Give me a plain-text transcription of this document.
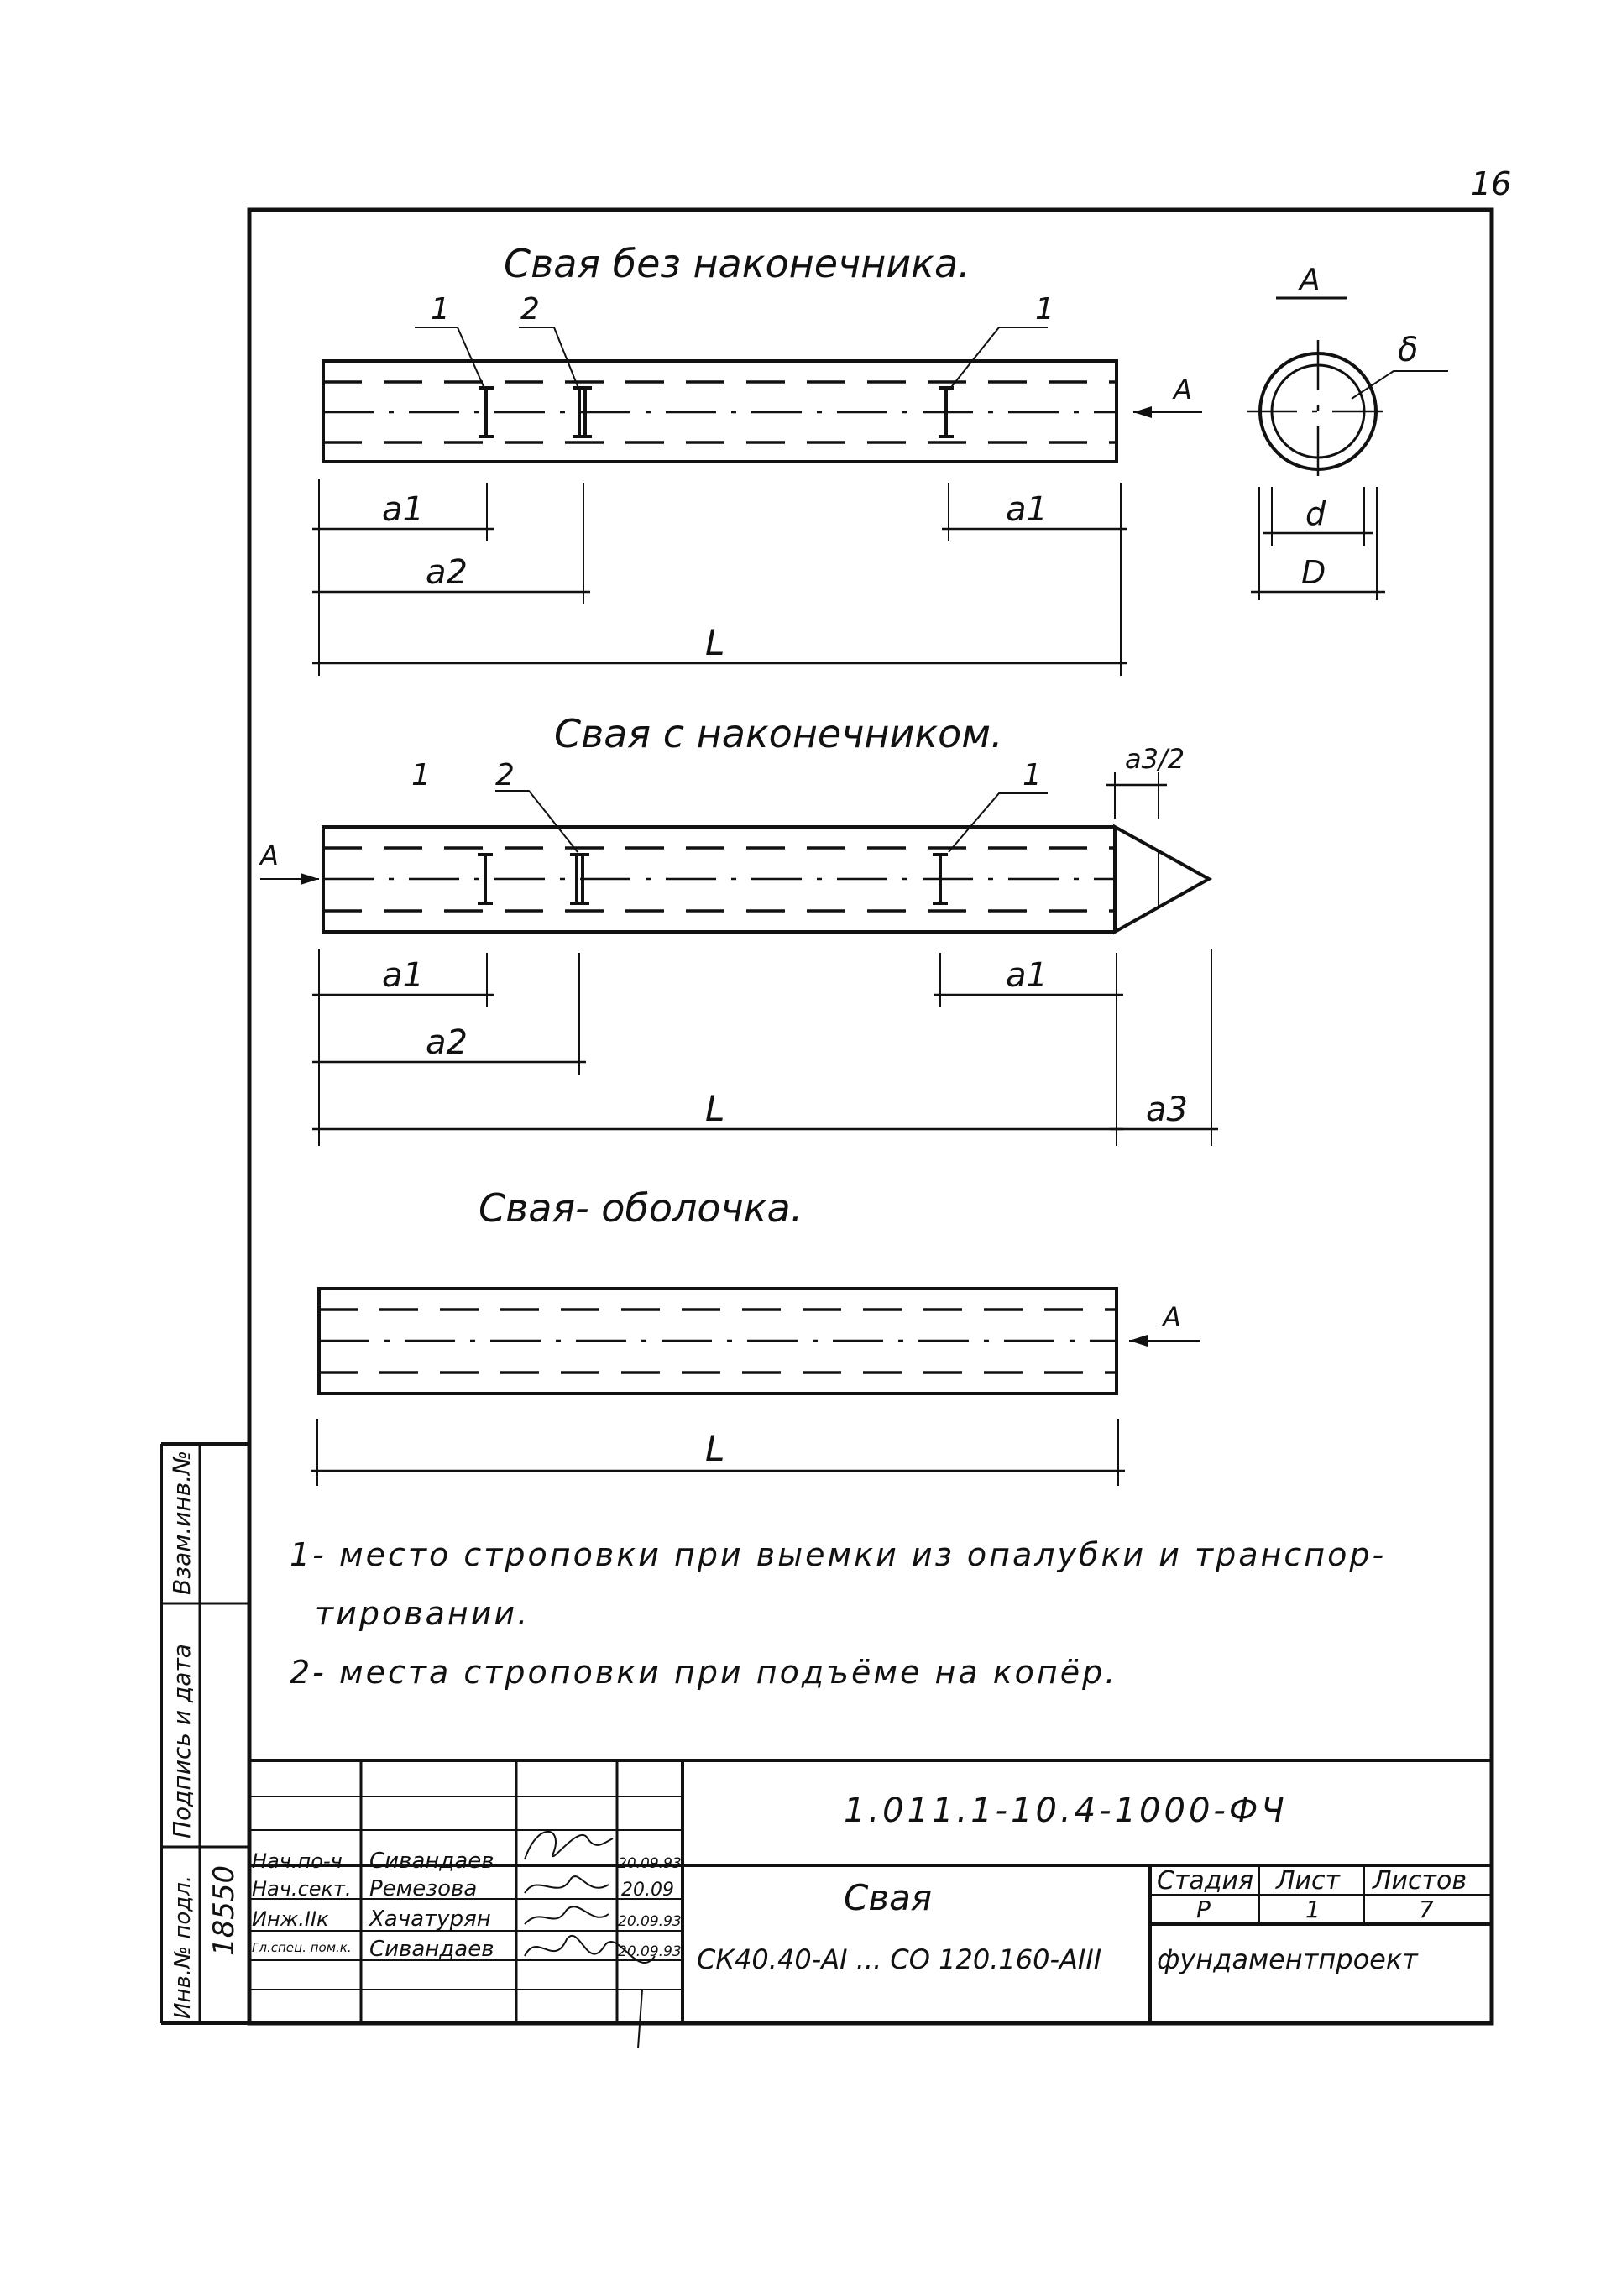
16
Свая без наконечника.
1 2	1
A
a1	a1
a2
L
A
δ
d
D
Свая с наконечником.
1 2	1
A
a3/2
a1	a1
a2
L	a3
Свая- оболочка.
A
L
1- место строповки при выемки из опалубки и транспор-
тировании.
2- места строповки при подъёме на копёр.
1.011.1-10.4-1000-ФЧ
Свая
СК40.40-АI ... СО 120.160-АIII
Стадия Лист Листов
Р	1	7
фундаментпроект
Нач.по-ч Сивандаев	20.09.93
Нач.сект. Ремезова	20.09
Инж.IIк Хачатурян	20.09.93
Гл.спец. пом.к. Сивандаев	20.09.93
Взам.инв.№
Подпись и дата
Инв.№ подл. 18550
